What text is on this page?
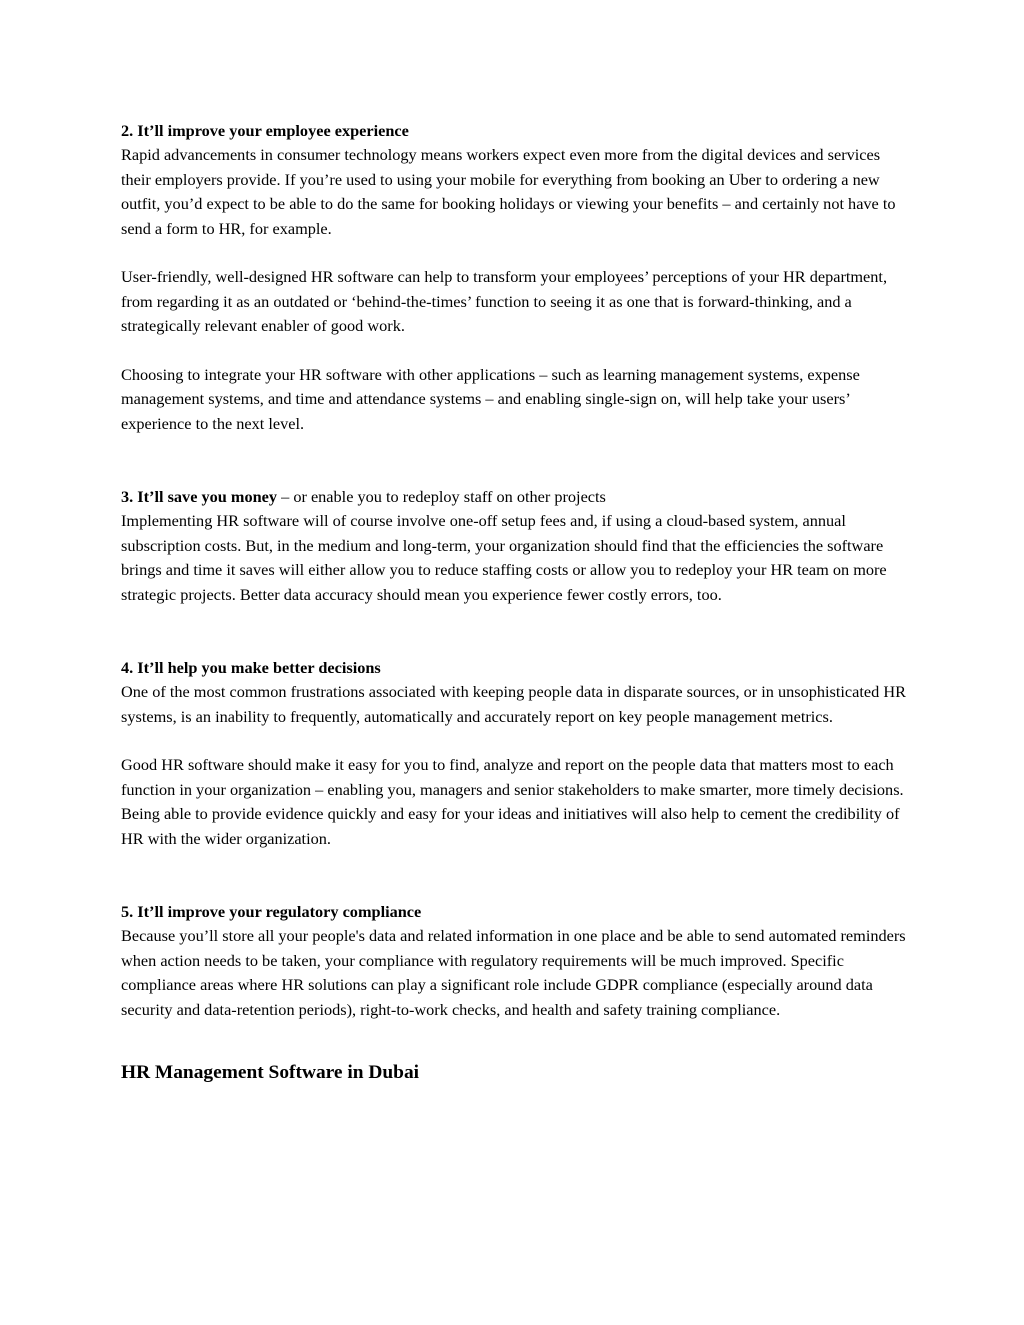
2. It’ll improve your employee experience

Rapid advancements in consumer technology means workers expect even more from the digital devices and services their employers provide. If you’re used to using your mobile for everything from booking an Uber to ordering a new outfit, you’d expect to be able to do the same for booking holidays or viewing your benefits – and certainly not have to send a form to HR, for example.

User-friendly, well-designed HR software can help to transform your employees’ perceptions of your HR department, from regarding it as an outdated or ‘behind-the-times’ function to seeing it as one that is forward-thinking, and a strategically relevant enabler of good work.

Choosing to integrate your HR software with other applications – such as learning management systems, expense management systems, and time and attendance systems – and enabling single-sign on, will help take your users’ experience to the next level.

3. It’ll save you money – or enable you to redeploy staff on other projects

Implementing HR software will of course involve one-off setup fees and, if using a cloud-based system, annual subscription costs. But, in the medium and long-term, your organization should find that the efficiencies the software brings and time it saves will either allow you to reduce staffing costs or allow you to redeploy your HR team on more strategic projects. Better data accuracy should mean you experience fewer costly errors, too.

4. It’ll help you make better decisions

One of the most common frustrations associated with keeping people data in disparate sources, or in unsophisticated HR systems, is an inability to frequently, automatically and accurately report on key people management metrics.

Good HR software should make it easy for you to find, analyze and report on the people data that matters most to each function in your organization – enabling you, managers and senior stakeholders to make smarter, more timely decisions. Being able to provide evidence quickly and easy for your ideas and initiatives will also help to cement the credibility of HR with the wider organization.

5. It’ll improve your regulatory compliance

Because you’ll store all your people's data and related information in one place and be able to send automated reminders when action needs to be taken, your compliance with regulatory requirements will be much improved. Specific compliance areas where HR solutions can play a significant role include GDPR compliance (especially around data security and data-retention periods), right-to-work checks, and health and safety training compliance.

HR Management Software in Dubai
